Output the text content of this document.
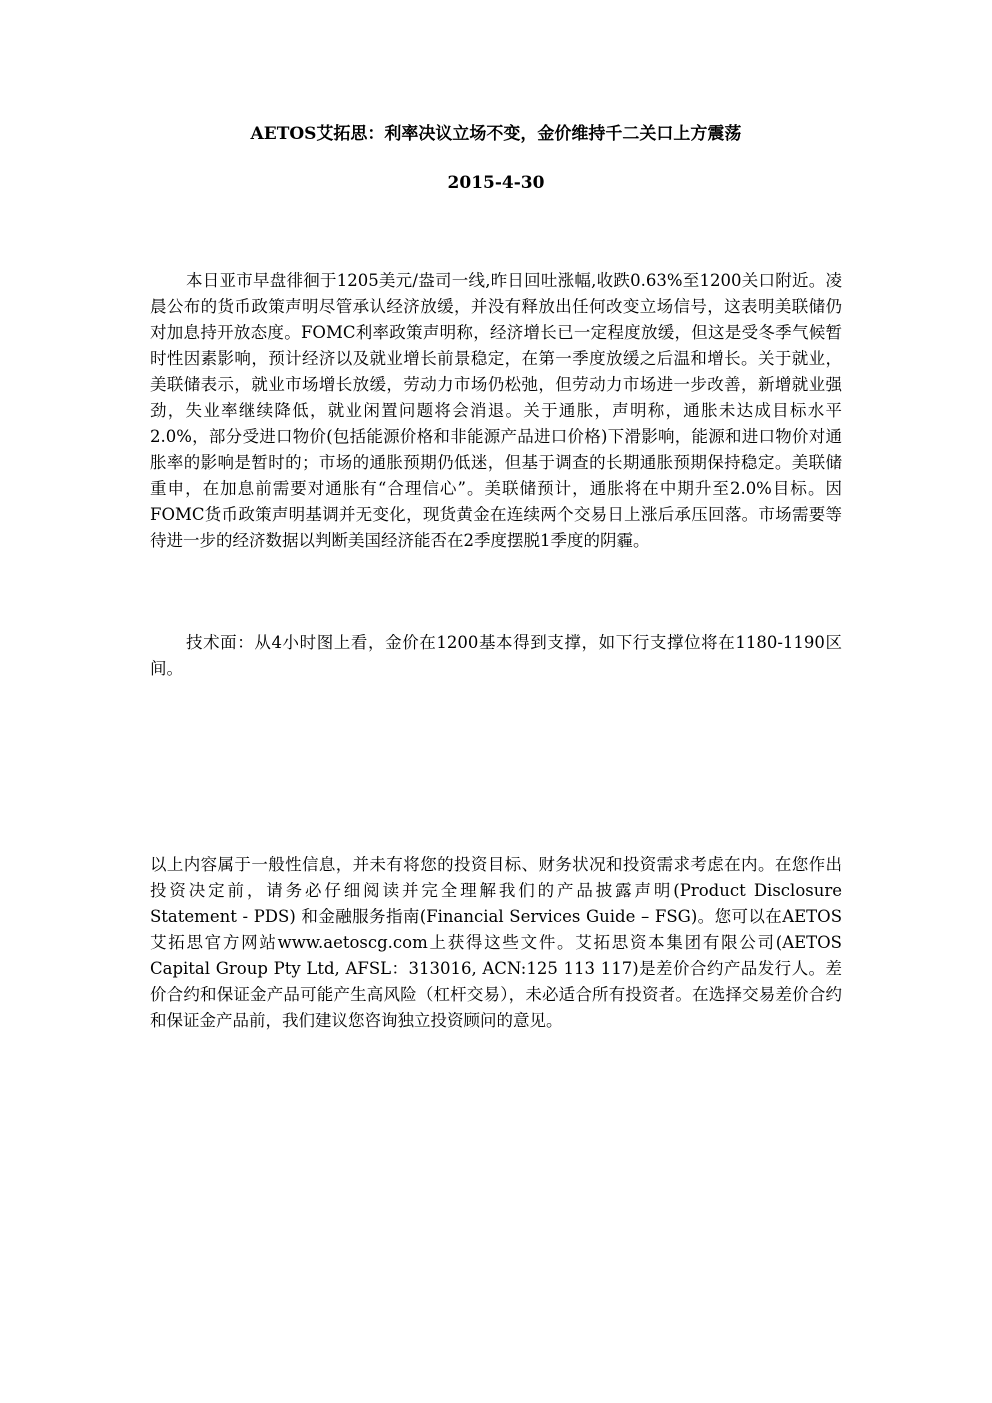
AETOS艾拓思：利率决议立场不变，金价维持千二关口上方震荡
2015-4-30

本日亚市早盘徘徊于1205美元/盎司一线,昨日回吐涨幅,收跌0.63%至1200关口附近。凌晨公布的货币政策声明尽管承认经济放缓，并没有释放出任何改变立场信号，这表明美联储仍对加息持开放态度。FOMC利率政策声明称，经济增长已一定程度放缓，但这是受冬季气候暂时性因素影响，预计经济以及就业增长前景稳定，在第一季度放缓之后温和增长。关于就业，美联储表示，就业市场增长放缓，劳动力市场仍松弛，但劳动力市场进一步改善，新增就业强劲，失业率继续降低，就业闲置问题将会消退。关于通胀，声明称，通胀未达成目标水平2.0%，部分受进口物价(包括能源价格和非能源产品进口价格)下滑影响，能源和进口物价对通胀率的影响是暂时的；市场的通胀预期仍低迷，但基于调查的长期通胀预期保持稳定。美联储重申，在加息前需要对通胀有“合理信心”。美联储预计，通胀将在中期升至2.0%目标。因FOMC货币政策声明基调并无变化，现货黄金在连续两个交易日上涨后承压回落。市场需要等待进一步的经济数据以判断美国经济能否在2季度摆脱1季度的阴霾。

技术面：从4小时图上看，金价在1200基本得到支撑，如下行支撑位将在1180-1190区间。

以上内容属于一般性信息，并未有将您的投资目标、财务状况和投资需求考虑在内。在您作出投资决定前，请务必仔细阅读并完全理解我们的产品披露声明(Product Disclosure Statement - PDS) 和金融服务指南(Financial Services Guide – FSG)。您可以在AETOS艾拓思官方网站www.aetoscg.com上获得这些文件。艾拓思资本集团有限公司(AETOS Capital Group Pty Ltd, AFSL：313016, ACN:125 113 117)是差价合约产品发行人。差价合约和保证金产品可能产生高风险（杠杆交易），未必适合所有投资者。在选择交易差价合约和保证金产品前，我们建议您咨询独立投资顾问的意见。
